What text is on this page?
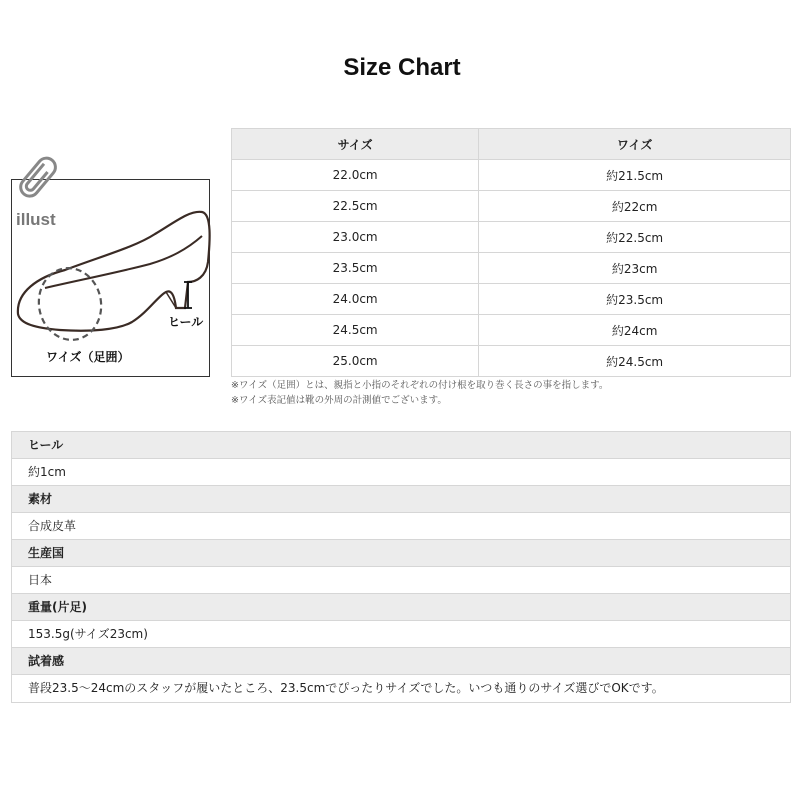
Size Chart
illust
ヒール
ワイズ（足囲）
サイズ	ワイズ
22.0cm	約21.5cm
22.5cm	約22cm
23.0cm	約22.5cm
23.5cm	約23cm
24.0cm	約23.5cm
24.5cm	約24cm
25.0cm	約24.5cm
※ワイズ（足囲）とは、親指と小指のそれぞれの付け根を取り巻く長さの事を指します。
※ワイズ表記値は靴の外周の計測値でございます。
ヒール
約1cm
素材
合成皮革
生産国
日本
重量(片足)
153.5g(サイズ23cm)
試着感
普段23.5～24cmのスタッフが履いたところ、23.5cmでぴったりサイズでした。いつも通りのサイズ選びでOKです。
